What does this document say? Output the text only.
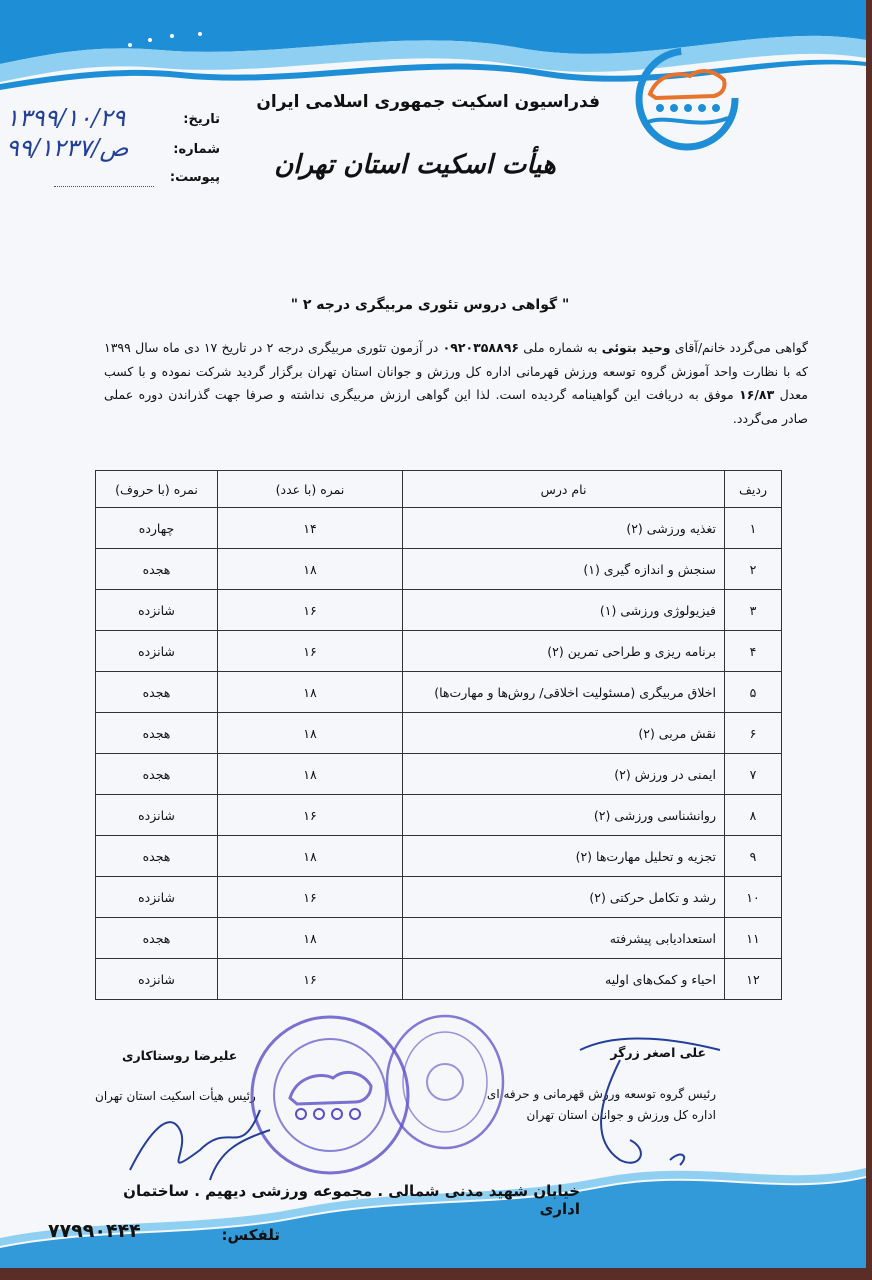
فدراسیون اسکیت جمهوری اسلامی ایران
هیأت اسکیت استان تهران
تاریخ:
۱۳۹۹/۱۰/۲۹
شماره:
۹۹/ص/۱۲۳۷
پیوست:
" گواهی دروس تئوری مربیگری درجه ۲ "
گواهی می‌گردد خانم/آقای وحید بتوئی به شماره ملی ۰۹۲۰۳۵۸۸۹۶ در آزمون تئوری مربیگری درجه ۲ در تاریخ ۱۷ دی ماه سال ۱۳۹۹ که با نظارت واحد آموزش گروه توسعه ورزش قهرمانی اداره کل ورزش و جوانان استان تهران برگزار گردید شرکت نموده و با کسب معدل ۱۶/۸۳ موفق به دریافت این گواهینامه گردیده است. لذا این گواهی ارزش مربیگری نداشته و صرفا جهت گذراندن دوره عملی صادر می‌گردد.
ردیف	نام درس	نمره (با عدد)	نمره (با حروف)
۱	تغذیه ورزشی (۲)	۱۴	چهارده
۲	سنجش و اندازه گیری (۱)	۱۸	هجده
۳	فیزیولوژی ورزشی (۱)	۱۶	شانزده
۴	برنامه ریزی و طراحی تمرین (۲)	۱۶	شانزده
۵	اخلاق مربیگری (مسئولیت اخلاقی/ روش‌ها و مهارت‌ها)	۱۸	هجده
۶	نقش مربی (۲)	۱۸	هجده
۷	ایمنی در ورزش (۲)	۱۸	هجده
۸	روانشناسی ورزشی (۲)	۱۶	شانزده
۹	تجزیه و تحلیل مهارت‌ها (۲)	۱۸	هجده
۱۰	رشد و تکامل حرکتی (۲)	۱۶	شانزده
۱۱	استعدادیابی پیشرفته	۱۸	هجده
۱۲	احیاء و کمک‌های اولیه	۱۶	شانزده
علی اصغر زرگر
رئیس گروه توسعه ورزش قهرمانی و حرفه ای
اداره کل ورزش و جوانان استان تهران
علیرضا روستاکاری
رئیس هیأت اسکیت استان تهران
خیابان شهید مدنی شمالی . مجموعه ورزشی دیهیم . ساختمان اداری
تلفکس:
۷۷۹۹۰۴۴۴
